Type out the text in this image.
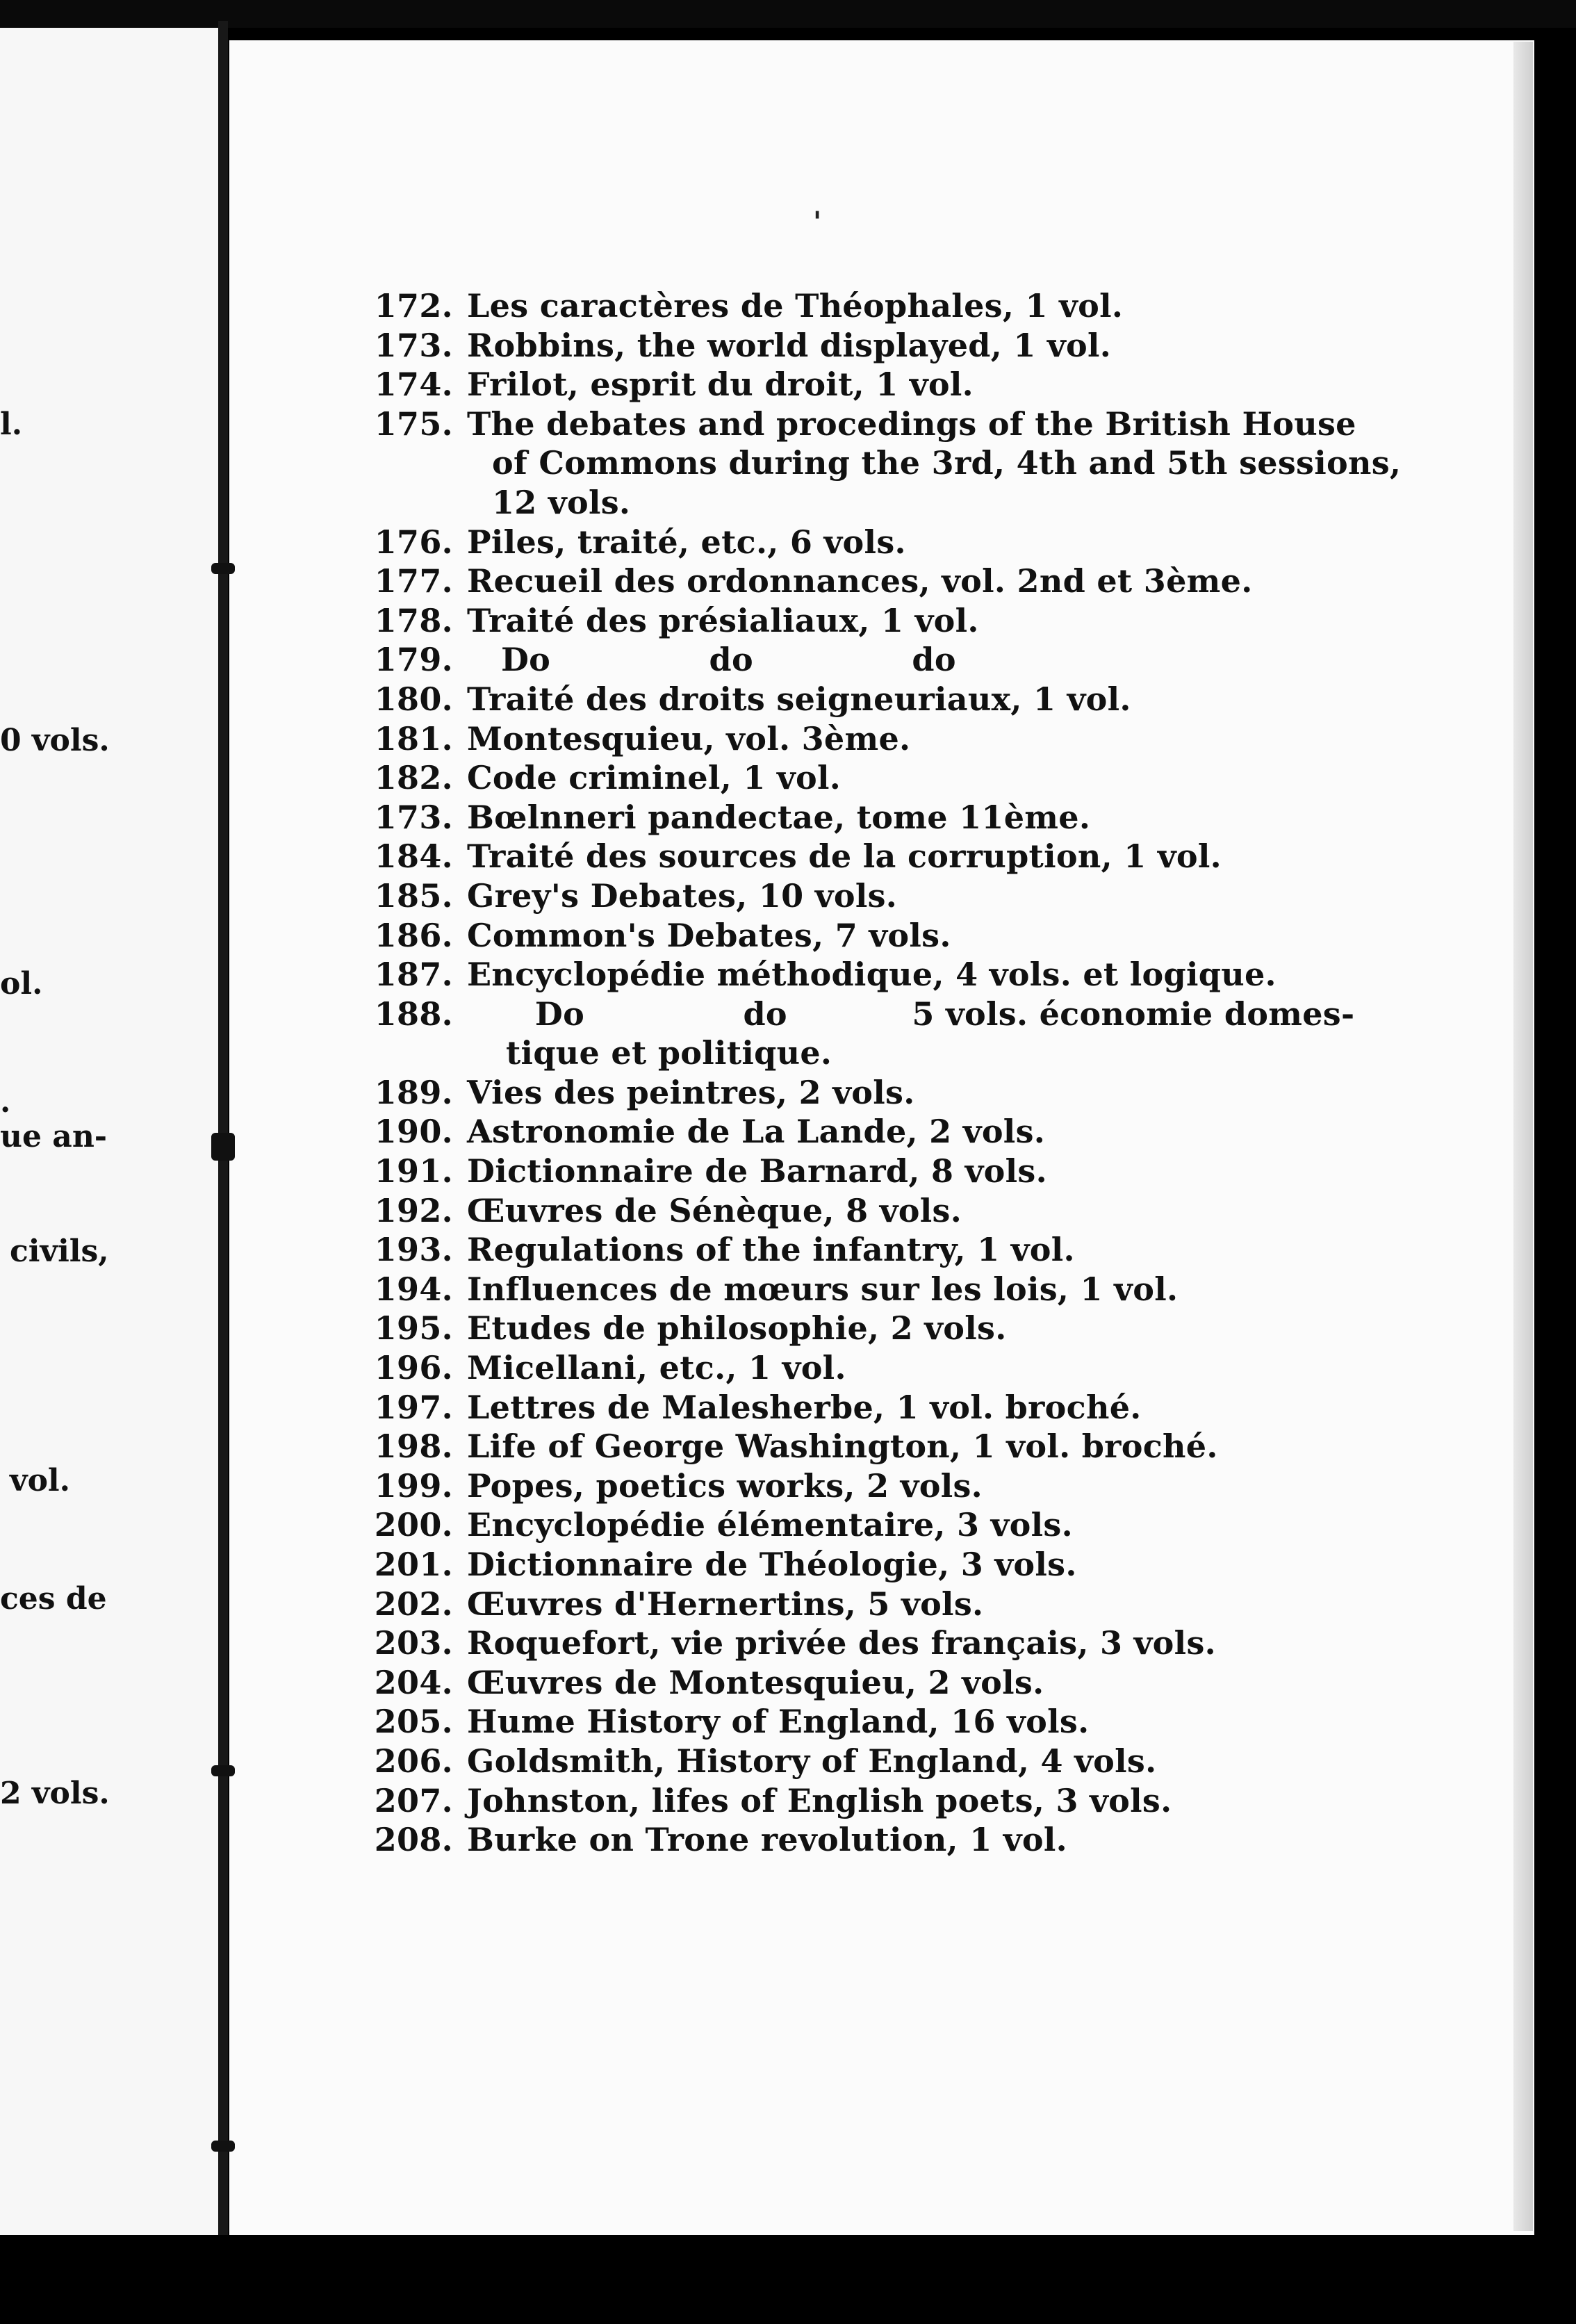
l.
0 vols.
ol.
.
ue an-
civils,
vol.
ces de
2 vols.
'
172. Les caractères de Théophales, 1 vol.
173. Robbins, the world displayed, 1 vol.
174. Frilot, esprit du droit, 1 vol.
175. The debates and procedings of the British House
of Commons during the 3rd, 4th and 5th sessions,
12 vols.
176. Piles, traité, etc., 6 vols.
177. Recueil des ordonnances, vol. 2nd et 3ème.
178. Traité des présialiaux, 1 vol.
179. Do              do              do
180. Traité des droits seigneuriaux, 1 vol.
181. Montesquieu, vol. 3ème.
182. Code criminel, 1 vol.
173. Bœlnneri pandectae, tome 11ème.
184. Traité des sources de la corruption, 1 vol.
185. Grey's Debates, 10 vols.
186. Common's Debates, 7 vols.
187. Encyclopédie méthodique, 4 vols. et logique.
188. Do              do           5 vols. économie domes-
tique et politique.
189. Vies des peintres, 2 vols.
190. Astronomie de La Lande, 2 vols.
191. Dictionnaire de Barnard, 8 vols.
192. Œuvres de Sénèque, 8 vols.
193. Regulations of the infantry, 1 vol.
194. Influences de mœurs sur les lois, 1 vol.
195. Etudes de philosophie, 2 vols.
196. Micellani, etc., 1 vol.
197. Lettres de Malesherbe, 1 vol. broché.
198. Life of George Washington, 1 vol. broché.
199. Popes, poetics works, 2 vols.
200. Encyclopédie élémentaire, 3 vols.
201. Dictionnaire de Théologie, 3 vols.
202. Œuvres d'Hernertins, 5 vols.
203. Roquefort, vie privée des français, 3 vols.
204. Œuvres de Montesquieu, 2 vols.
205. Hume History of England, 16 vols.
206. Goldsmith, History of England, 4 vols.
207. Johnston, lifes of English poets, 3 vols.
208. Burke on Trone revolution, 1 vol.
